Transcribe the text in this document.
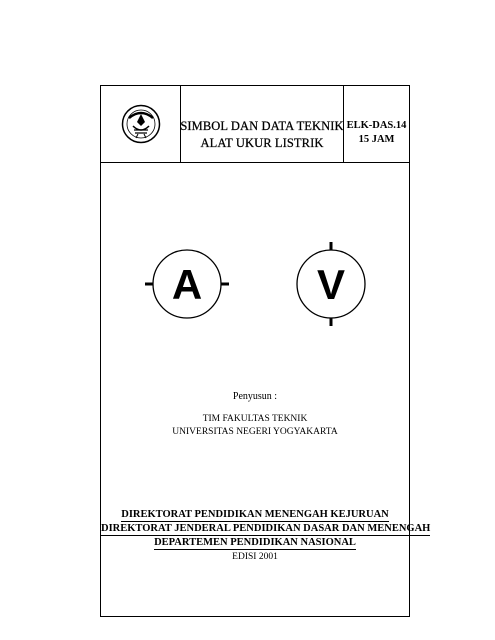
SIMBOL DAN DATA TEKNIK
ALAT UKUR LISTRIK
ELK-DAS.14
15 JAM
A	V
Penyusun :
TIM FAKULTAS TEKNIK
UNIVERSITAS NEGERI YOGYAKARTA
DIREKTORAT PENDIDIKAN MENENGAH KEJURUAN
DIREKTORAT JENDERAL PENDIDIKAN DASAR DAN MENENGAH
DEPARTEMEN PENDIDIKAN NASIONAL
EDISI 2001
